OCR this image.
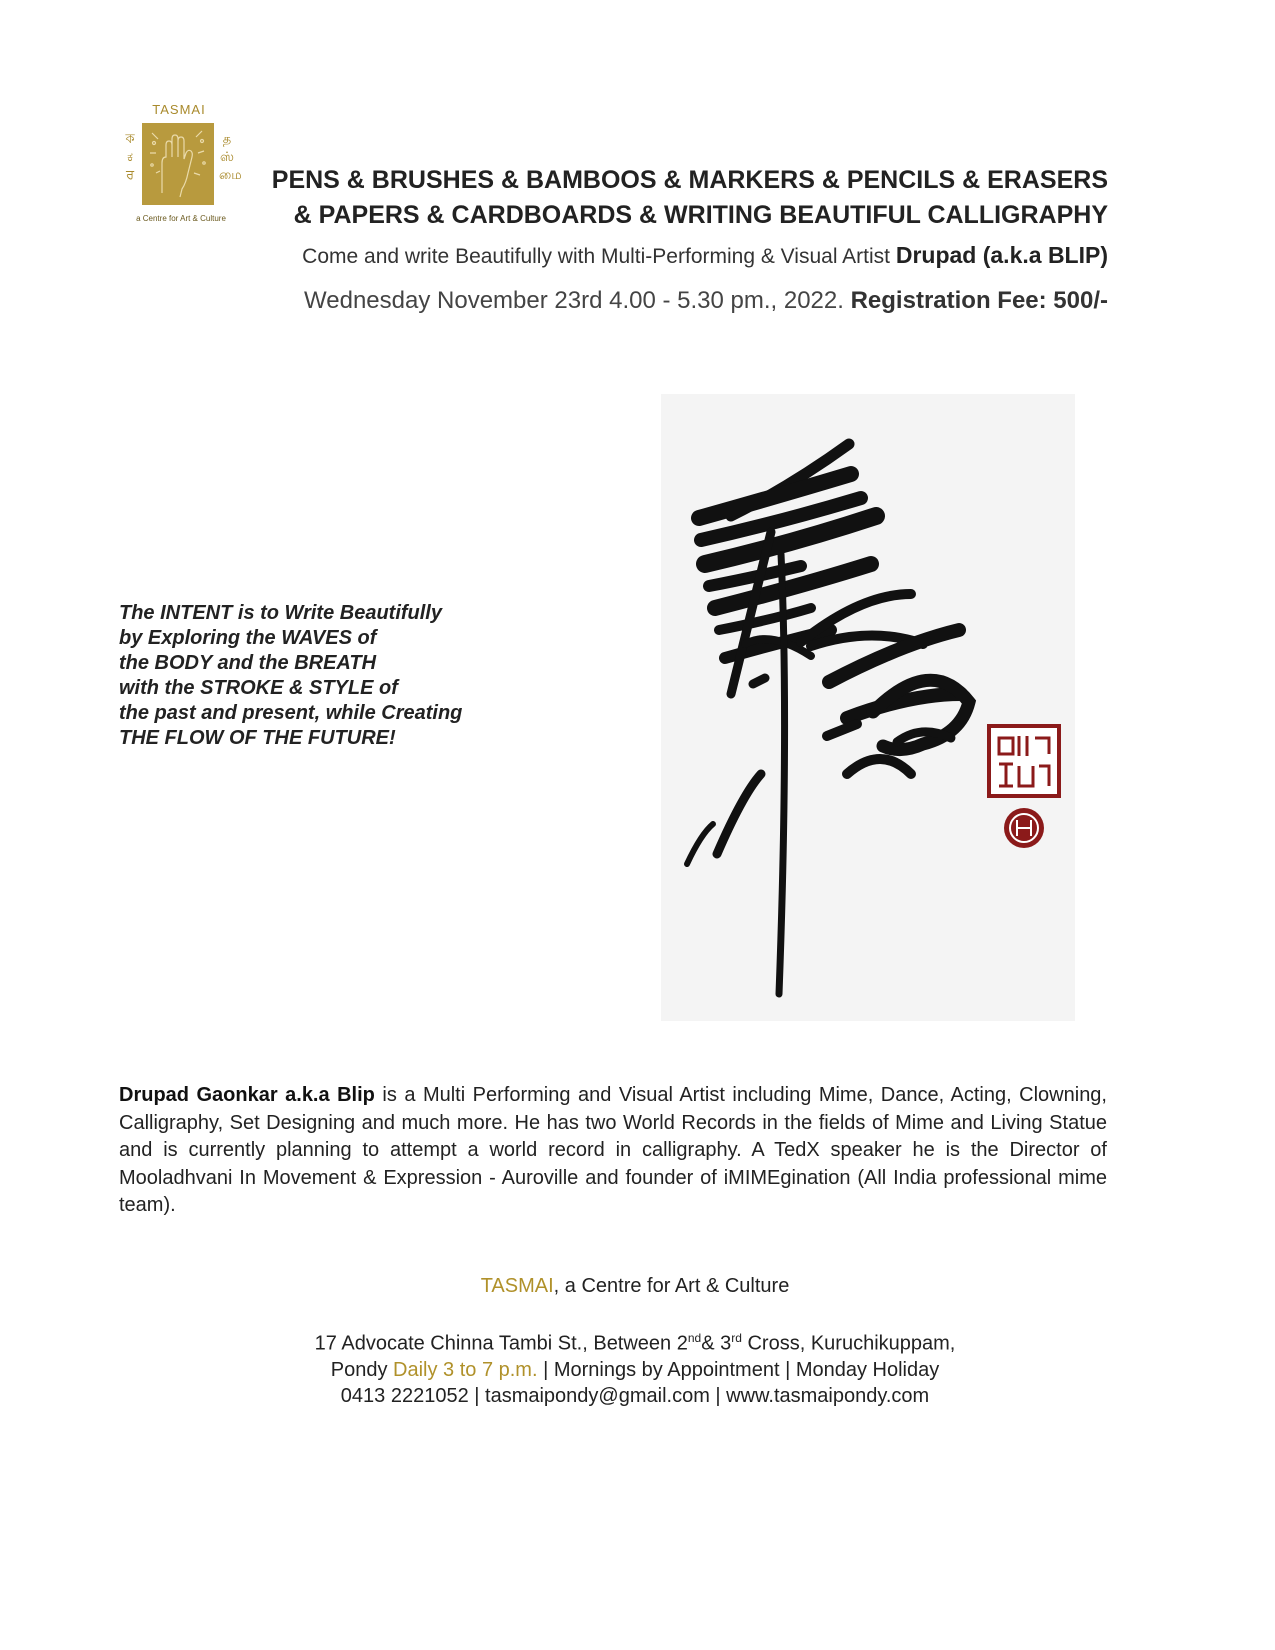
TASMAI
ক
ಕ
ਰ
த
ஸ்
மை
a Centre for Art & Culture
PENS & BRUSHES & BAMBOOS & MARKERS & PENCILS & ERASERS
& PAPERS & CARDBOARDS & WRITING BEAUTIFUL CALLIGRAPHY
Come and write Beautifully with Multi-Performing & Visual Artist Drupad (a.k.a BLIP)
Wednesday November 23rd 4.00 - 5.30 pm., 2022. Registration Fee: 500/-
The INTENT is to Write Beautifully
by Exploring the WAVES of
the BODY and the BREATH
with the STROKE & STYLE of
the past and present, while Creating
THE FLOW OF THE FUTURE!
Drupad Gaonkar a.k.a Blip is a Multi Performing and Visual Artist including Mime, Dance, Acting, Clowning, Calligraphy, Set Designing and much more. He has two World Records in the fields of Mime and Living Statue and is currently planning to attempt a world record in calligraphy. A TedX speaker he is the Director of Mooladhvani In Movement & Expression - Auroville and founder of iMIMEgination (All India professional mime team).
TASMAI, a Centre for Art & Culture
17 Advocate Chinna Tambi St., Between 2nd& 3rd Cross, Kuruchikuppam,
Pondy Daily 3 to 7 p.m. | Mornings by Appointment | Monday Holiday
0413 2221052 | tasmaipondy@gmail.com | www.tasmaipondy.com
